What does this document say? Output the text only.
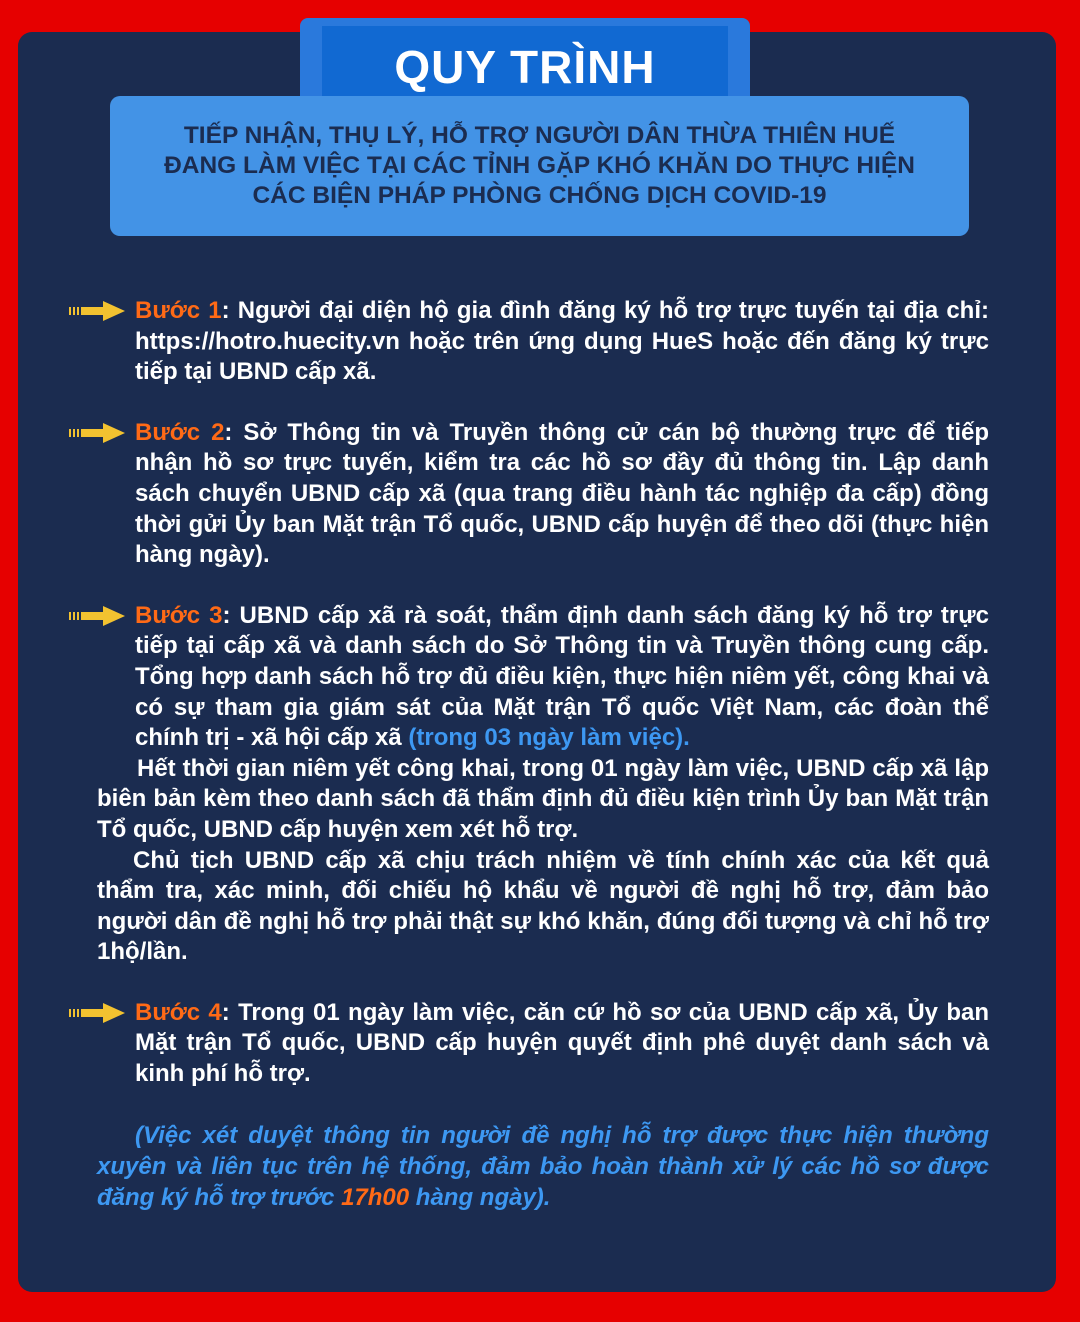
QUY TRÌNH
TIẾP NHẬN, THỤ LÝ, HỖ TRỢ NGƯỜI DÂN THỪA THIÊN HUẾ
ĐANG LÀM VIỆC TẠI CÁC TỈNH GẶP KHÓ KHĂN DO THỰC HIỆN
CÁC BIỆN PHÁP PHÒNG CHỐNG DỊCH COVID-19

Bước 1: Người đại diện hộ gia đình đăng ký hỗ trợ trực tuyến tại địa chỉ: https://hotro.huecity.vn hoặc trên ứng dụng HueS hoặc đến đăng ký trực tiếp tại UBND cấp xã.

Bước 2: Sở Thông tin và Truyền thông cử cán bộ thường trực để tiếp nhận hồ sơ trực tuyến, kiểm tra các hồ sơ đầy đủ thông tin. Lập danh sách chuyển UBND cấp xã (qua trang điều hành tác nghiệp đa cấp) đồng thời gửi Ủy ban Mặt trận Tổ quốc, UBND cấp huyện để theo dõi (thực hiện hàng ngày).

Bước 3: UBND cấp xã rà soát, thẩm định danh sách đăng ký hỗ trợ trực tiếp tại cấp xã và danh sách do Sở Thông tin và Truyền thông cung cấp. Tổng hợp danh sách hỗ trợ đủ điều kiện, thực hiện niêm yết, công khai và có sự tham gia giám sát của Mặt trận Tổ quốc Việt Nam, các đoàn thể chính trị - xã hội cấp xã (trong 03 ngày làm việc).

Hết thời gian niêm yết công khai, trong 01 ngày làm việc, UBND cấp xã lập biên bản kèm theo danh sách đã thẩm định đủ điều kiện trình Ủy ban Mặt trận Tổ quốc, UBND cấp huyện xem xét hỗ trợ.

Chủ tịch UBND cấp xã chịu trách nhiệm về tính chính xác của kết quả thẩm tra, xác minh, đối chiếu hộ khẩu về người đề nghị hỗ trợ, đảm bảo người dân đề nghị hỗ trợ phải thật sự khó khăn, đúng đối tượng và chỉ hỗ trợ 1hộ/lần.

Bước 4: Trong 01 ngày làm việc, căn cứ hồ sơ của UBND cấp xã, Ủy ban Mặt trận Tổ quốc, UBND cấp huyện quyết định phê duyệt danh sách và kinh phí hỗ trợ.

(Việc xét duyệt thông tin người đề nghị hỗ trợ được thực hiện thường xuyên và liên tục trên hệ thống, đảm bảo hoàn thành xử lý các hồ sơ được đăng ký hỗ trợ trước 17h00 hàng ngày).
